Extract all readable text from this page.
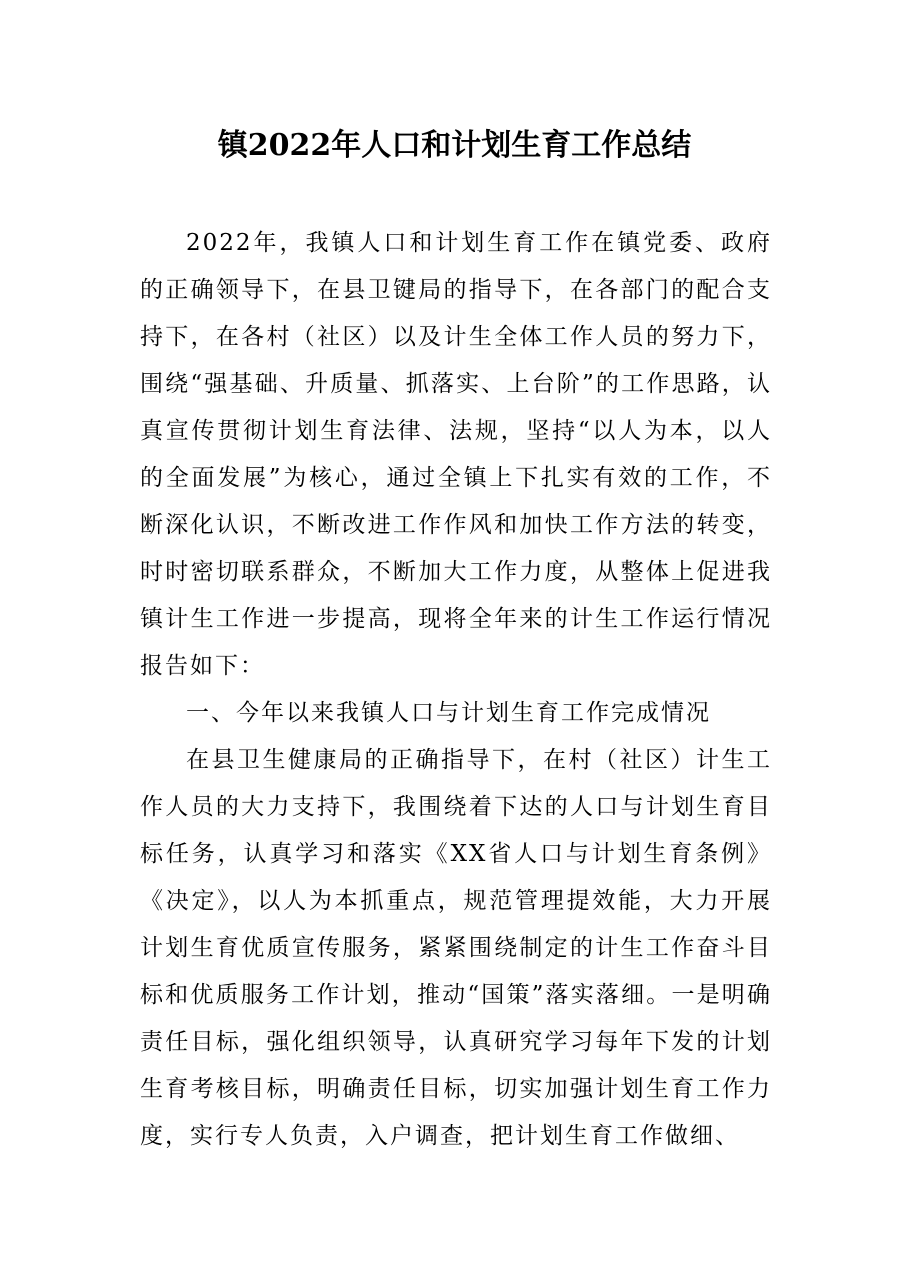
镇2022年人口和计划生育工作总结

2022年，我镇人口和计划生育工作在镇党委、政府的正确领导下，在县卫键局的指导下，在各部门的配合支持下，在各村（社区）以及计生全体工作人员的努力下，围绕“强基础、升质量、抓落实、上台阶”的工作思路，认真宣传贯彻计划生育法律、法规，坚持“以人为本，以人的全面发展”为核心，通过全镇上下扎实有效的工作，不断深化认识，不断改进工作作风和加快工作方法的转变，时时密切联系群众，不断加大工作力度，从整体上促进我镇计生工作进一步提高，现将全年来的计生工作运行情况报告如下：

一、今年以来我镇人口与计划生育工作完成情况

在县卫生健康局的正确指导下，在村（社区）计生工作人员的大力支持下，我围绕着下达的人口与计划生育目标任务，认真学习和落实《XX省人口与计划生育条例》《决定》，以人为本抓重点，规范管理提效能，大力开展计划生育优质宣传服务，紧紧围绕制定的计生工作奋斗目标和优质服务工作计划，推动“国策”落实落细。一是明确责任目标，强化组织领导，认真研究学习每年下发的计划生育考核目标，明确责任目标，切实加强计划生育工作力度，实行专人负责，入户调查，把计划生育工作做细、
